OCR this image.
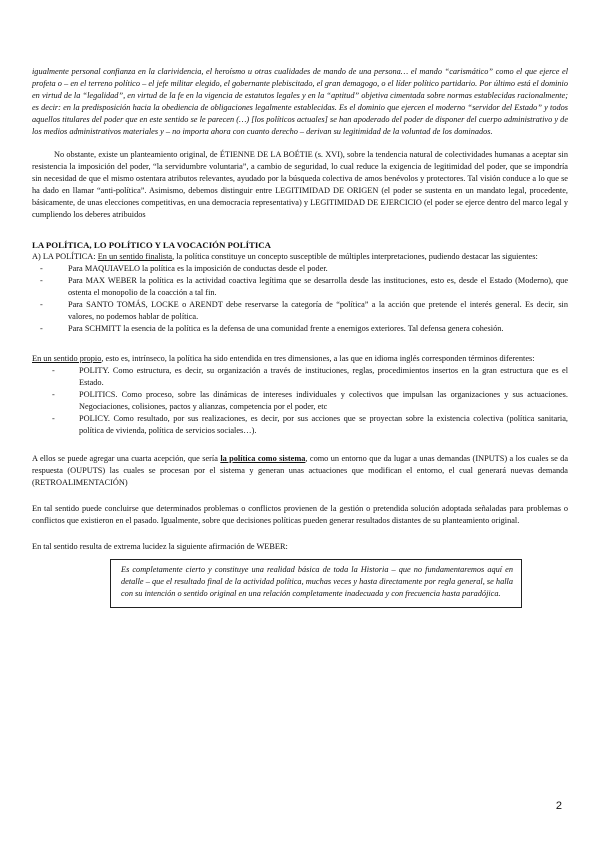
igualmente personal confianza en la clarividencia, el heroísmo u otras cualidades de mando de una persona… el mando “carismático” como el que ejerce el profeta o – en el terreno político – el jefe militar elegido, el gobernante plebiscitado, el gran demagogo, o el líder político partidario. Por último está el dominio en virtud de la “legalidad”, en virtud de la fe en la vigencia de estatutos legales y en la “aptitud” objetiva cimentada sobre normas establecidas racionalmente; es decir: en la predisposición hacia la obediencia de obligaciones legalmente establecidas. Es el dominio que ejercen el moderno “servidor del Estado” y todos aquellos titulares del poder que en este sentido se le parecen (…) [los políticos actuales] se han apoderado del poder de disponer del cuerpo administrativo y de los medios administrativos materiales y – no importa ahora con cuanto derecho – derivan su legitimidad de la voluntad de los dominados.

No obstante, existe un planteamiento original, de ÉTIENNE DE LA BOÉTIE (s. XVI), sobre la tendencia natural de colectividades humanas a aceptar sin resistencia la imposición del poder, “la servidumbre voluntaria”, a cambio de seguridad, lo cual reduce la exigencia de legitimidad del poder, que se impondría sin necesidad de que el mismo ostentara atributos relevantes, ayudado por la búsqueda colectiva de amos benévolos y protectores. Tal visión conduce a lo que se ha dado en llamar “anti-política”. Asimismo, debemos distinguir entre LEGITIMIDAD DE ORIGEN (el poder se sustenta en un mandato legal, procedente, básicamente, de unas elecciones competitivas, en una democracia representativa) y LEGITIMIDAD DE EJERCICIO (el poder se ejerce dentro del marco legal y cumpliendo los deberes atribuidos

LA POLÍTICA, LO POLÍTICO Y LA VOCACIÓN POLÍTICA

A) LA POLÍTICA: En un sentido finalista, la política constituye un concepto susceptible de múltiples interpretaciones, pudiendo destacar las siguientes:

-	Para MAQUIAVELO la política es la imposición de conductas desde el poder.
-	Para MAX WEBER la política es la actividad coactiva legítima que se desarrolla desde las instituciones, esto es, desde el Estado (Moderno), que ostenta el monopolio de la coacción a tal fin.
-	Para SANTO TOMÁS, LOCKE o ARENDT debe reservarse la categoría de “política” a la acción que pretende el interés general. Es decir, sin valores, no podemos hablar de política.
-	Para SCHMITT la esencia de la política es la defensa de una comunidad frente a enemigos exteriores. Tal defensa genera cohesión.

En un sentido propio, esto es, intrínseco, la política ha sido entendida en tres dimensiones, a las que en idioma inglés corresponden términos diferentes:

-	POLITY. Como estructura, es decir, su organización a través de instituciones, reglas, procedimientos insertos en la gran estructura que es el Estado.
-	POLITICS. Como proceso, sobre las dinámicas de intereses individuales y colectivos que impulsan las organizaciones y sus actuaciones. Negociaciones, colisiones, pactos y alianzas, competencia por el poder, etc
-	POLICY. Como resultado, por sus realizaciones, es decir, por sus acciones que se proyectan sobre la existencia colectiva (política sanitaria, política de vivienda, política de servicios sociales…).

A ellos se puede agregar una cuarta acepción, que sería la política como sistema, como un entorno que da lugar a unas demandas (INPUTS) a los cuales se da respuesta (OUPUTS) las cuales se procesan por el sistema y generan unas actuaciones que modifican el entorno, el cual generará nuevas demanda (RETROALIMENTACIÓN)

En tal sentido puede concluirse que determinados problemas o conflictos provienen de la gestión o pretendida solución adoptada señaladas para problemas o conflictos que existieron en el pasado. Igualmente, sobre que decisiones políticas pueden generar resultados distantes de su planteamiento original.

En tal sentido resulta de extrema lucidez la siguiente afirmación de WEBER:

Es completamente cierto y constituye una realidad básica de toda la Historia – que no fundamentaremos aquí en detalle – que el resultado final de la actividad política, muchas veces y hasta directamente por regla general, se halla con su intención o sentido original en una relación completamente inadecuada y con frecuencia hasta paradójica.
2
